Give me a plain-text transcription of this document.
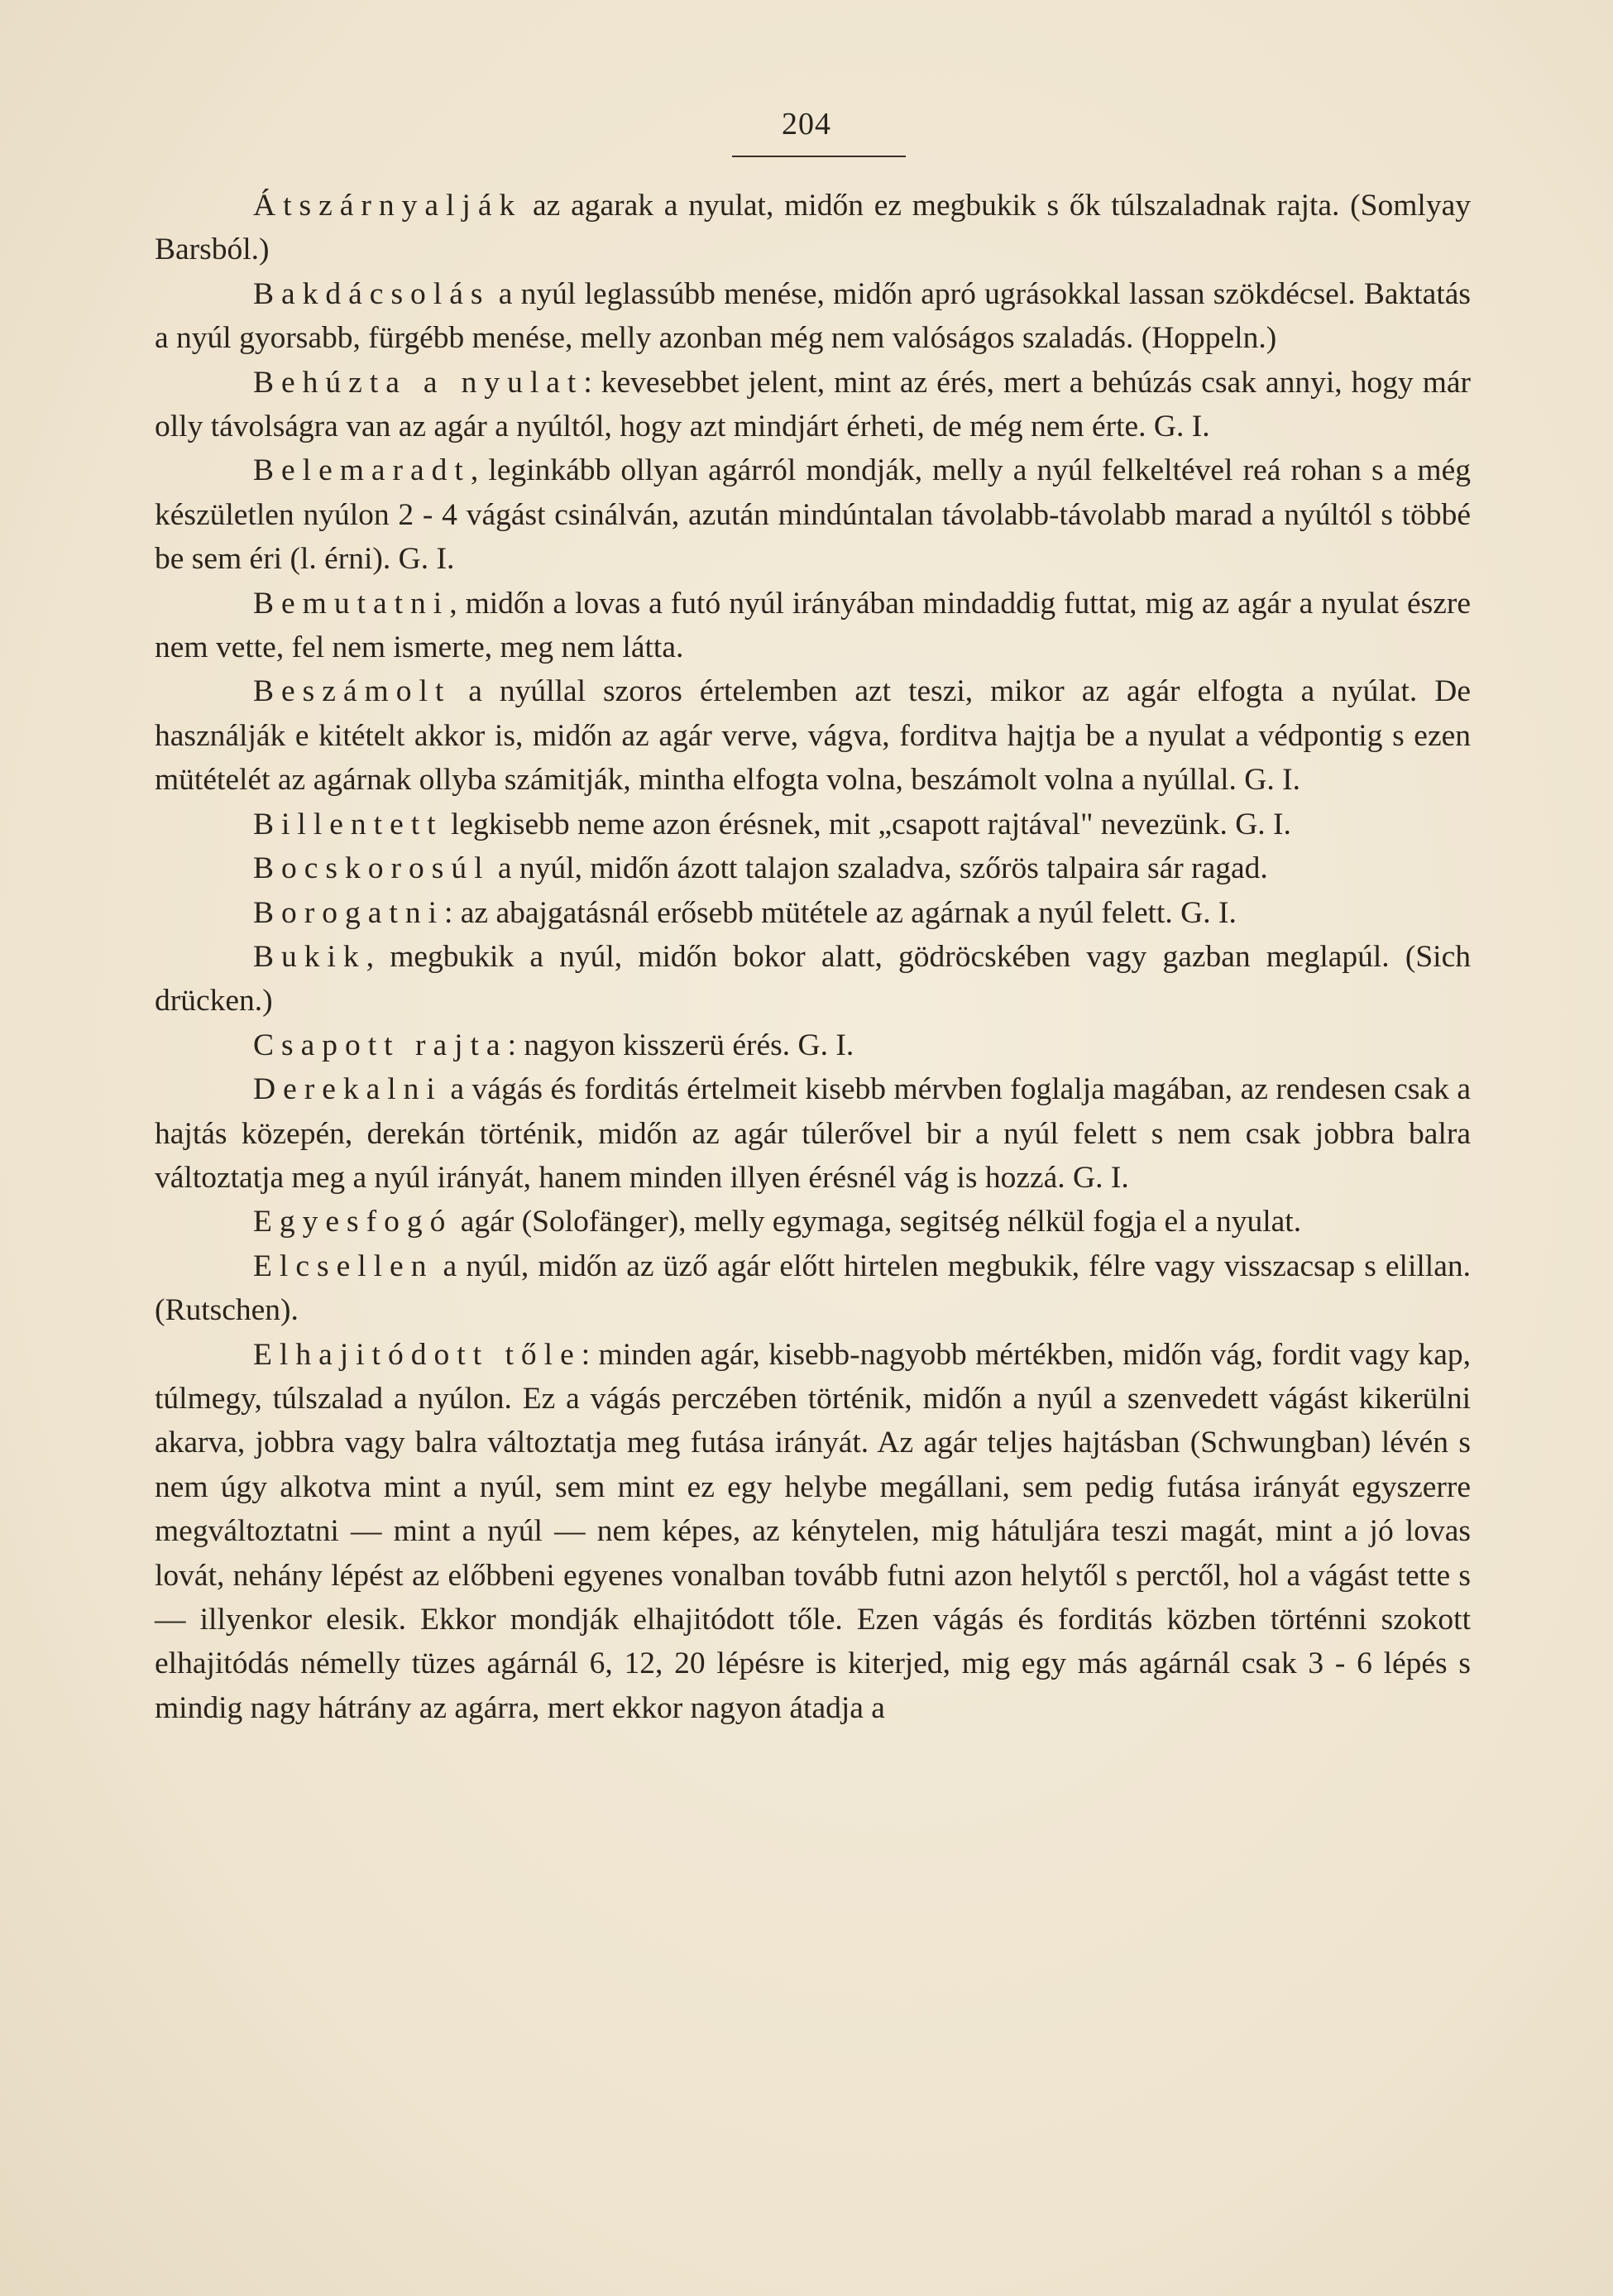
204

Átszárnyalják az agarak a nyulat, midőn ez megbukik s ők túlszaladnak rajta. (Somlyay Barsból.)

Bakdácsolás a nyúl leglassúbb menése, midőn apró ugrásokkal lassan szökdécsel. Baktatás a nyúl gyorsabb, fürgébb menése, melly azonban még nem valóságos szaladás. (Hoppeln.)

Behúzta a nyulat: kevesebbet jelent, mint az érés, mert a behúzás csak annyi, hogy már olly távolságra van az agár a nyúltól, hogy azt mindjárt érheti, de még nem érte. G. I.

Belemaradt, leginkább ollyan agárról mondják, melly a nyúl felkeltével reá rohan s a még készületlen nyúlon 2 - 4 vágást csinálván, azután mindúntalan távolabb-távolabb marad a nyúltól s többé be sem éri (l. érni). G. I.

Bemutatni, midőn a lovas a futó nyúl irányában mindaddig futtat, mig az agár a nyulat észre nem vette, fel nem ismerte, meg nem látta.

Beszámolt a nyúllal szoros értelemben azt teszi, mikor az agár elfogta a nyúlat. De használják e kitételt akkor is, midőn az agár verve, vágva, forditva hajtja be a nyulat a védpontig s ezen mütételét az agárnak ollyba számitják, mintha elfogta volna, beszámolt volna a nyúllal. G. I.

Billentett legkisebb neme azon érésnek, mit „csapott rajtával" nevezünk. G. I.

Bocskorosúl a nyúl, midőn ázott talajon szaladva, szőrös talpaira sár ragad.

Borogatni: az abajgatásnál erősebb mütétele az agárnak a nyúl felett. G. I.

Bukik, megbukik a nyúl, midőn bokor alatt, gödröcskében vagy gazban meglapúl. (Sich drücken.)

Csapott rajta: nagyon kisszerü érés. G. I.

Derekalni a vágás és forditás értelmeit kisebb mérvben foglalja magában, az rendesen csak a hajtás közepén, derekán történik, midőn az agár túlerővel bir a nyúl felett s nem csak jobbra balra változtatja meg a nyúl irányát, hanem minden illyen érésnél vág is hozzá. G. I.

Egyesfogó agár (Solofänger), melly egymaga, segitség nélkül fogja el a nyulat.

Elcsellen a nyúl, midőn az üző agár előtt hirtelen megbukik, félre vagy visszacsap s elillan. (Rutschen).

Elhajitódott tőle: minden agár, kisebb-nagyobb mértékben, midőn vág, fordit vagy kap, túlmegy, túlszalad a nyúlon. Ez a vágás perczében történik, midőn a nyúl a szenvedett vágást kikerülni akarva, jobbra vagy balra változtatja meg futása irányát. Az agár teljes hajtásban (Schwungban) lévén s nem úgy alkotva mint a nyúl, sem mint ez egy helybe megállani, sem pedig futása irányát egyszerre megváltoztatni — mint a nyúl — nem képes, az kénytelen, mig hátuljára teszi magát, mint a jó lovas lovát, nehány lépést az előbbeni egyenes vonalban tovább futni azon helytől s perctől, hol a vágást tette s — illyenkor elesik. Ekkor mondják elhajitódott tőle. Ezen vágás és forditás közben történni szokott elhajitódás némelly tüzes agárnál 6, 12, 20 lépésre is kiterjed, mig egy más agárnál csak 3 - 6 lépés s mindig nagy hátrány az agárra, mert ekkor nagyon átadja a
